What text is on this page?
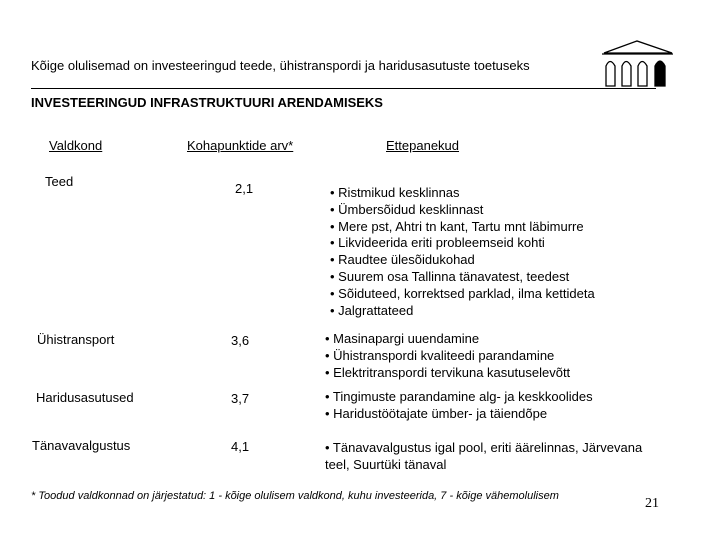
Kõige olulisemad on investeeringud teede, ühistranspordi ja haridusasutuste toetuseks
INVESTEERINGUD INFRASTRUKTUURI ARENDAMISEKS
Valdkond	Kohapunktide arv*	Ettepanekud
Teed	2,1	• Ristmikud kesklinnas
• Ümbersõidud kesklinnast
• Mere pst, Ahtri tn kant, Tartu mnt läbimurre
• Likvideerida eriti probleemseid kohti
• Raudtee ülesõidukohad
• Suurem osa Tallinna tänavatest, teedest
• Sõiduteed, korrektsed parklad, ilma kettideta
• Jalgrattateed
Ühistransport	3,6	• Masinapargi uuendamine
• Ühistranspordi kvaliteedi parandamine
• Elektritranspordi tervikuna kasutuselevõtt
Haridusasutused	3,7	• Tingimuste parandamine alg- ja keskkoolides
• Haridustöötajate ümber- ja täiendõpe
Tänavavalgustus	4,1	• Tänavavalgustus igal pool, eriti äärelinnas, Järvevana
teel, Suurtüki tänaval
* Toodud valdkonnad on järjestatud: 1 - kõige olulisem valdkond, kuhu investeerida, 7 - kõige vähemolulisem	21
